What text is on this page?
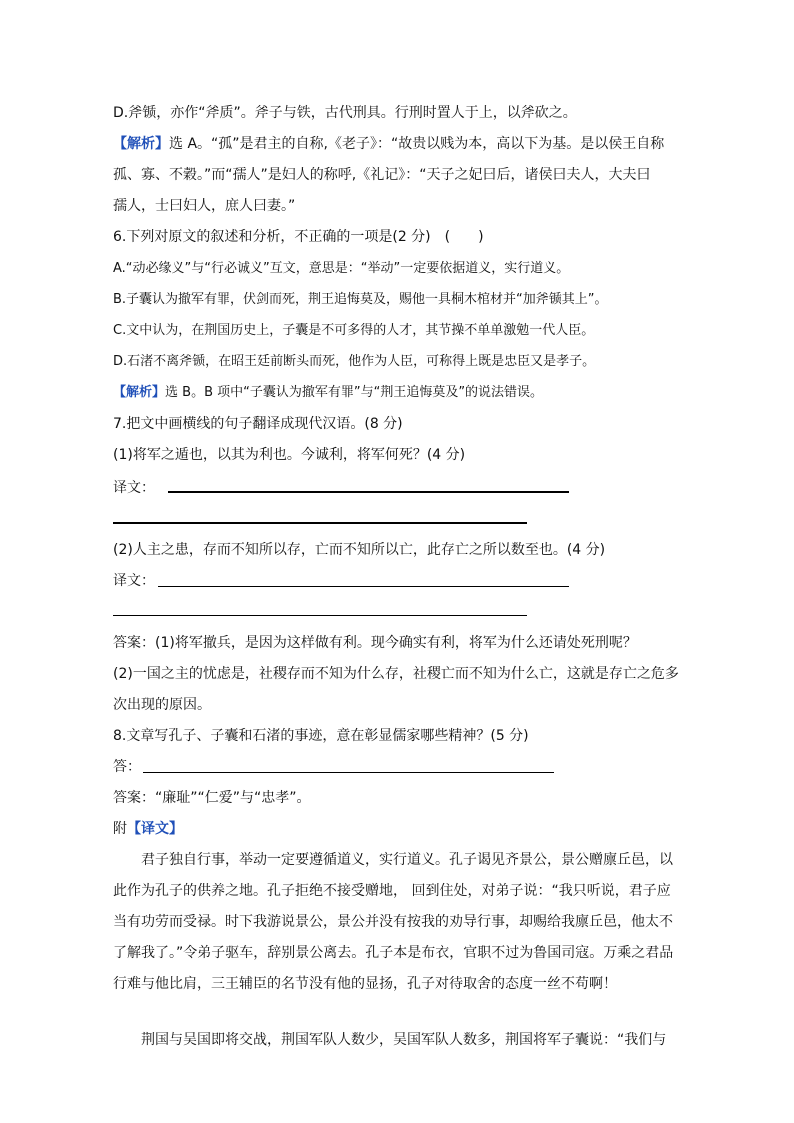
D.斧锧，亦作“斧质”。斧子与铁，古代刑具。行刑时置人于上，以斧砍之。
【解析】选 A。“孤”是君主的自称,《老子》：“故贵以贱为本，高以下为基。是以侯王自称
孤、寡、不穀。”而“孺人”是妇人的称呼,《礼记》：“天子之妃曰后，诸侯曰夫人，大夫曰
孺人，士曰妇人，庶人曰妻。”
6.下列对原文的叙述和分析，不正确的一项是(2 分)　(　　)
A.“动必缘义”与“行必诚义”互文，意思是：“举动”一定要依据道义，实行道义。
B.子囊认为撤军有罪，伏剑而死，荆王追悔莫及，赐他一具桐木棺材并“加斧锧其上”。
C.文中认为，在荆国历史上，子囊是不可多得的人才，其节操不单单激勉一代人臣。
D.石渚不离斧锧，在昭王廷前断头而死，他作为人臣，可称得上既是忠臣又是孝子。
【解析】选 B。B 项中“子囊认为撤军有罪”与“荆王追悔莫及”的说法错误。
7.把文中画横线的句子翻译成现代汉语。(8 分)
(1)将军之遁也，以其为利也。今诚利，将军何死？(4 分)
译文：
(2)人主之患，存而不知所以存，亡而不知所以亡，此存亡之所以数至也。(4 分)
译文：
答案：(1)将军撤兵，是因为这样做有利。现今确实有利，将军为什么还请处死刑呢？
(2)一国之主的忧虑是，社稷存而不知为什么存，社稷亡而不知为什么亡，这就是存亡之危多
次出现的原因。
8.文章写孔子、子囊和石渚的事迹，意在彰显儒家哪些精神？(5 分)
答：
答案：“廉耻”“仁爱”与“忠孝”。
附【译文】
君子独自行事，举动一定要遵循道义，实行道义。孔子谒见齐景公，景公赠廪丘邑，以
此作为孔子的供养之地。孔子拒绝不接受赠地， 回到住处，对弟子说：“我只听说，君子应
当有功劳而受禄。时下我游说景公，景公并没有按我的劝导行事，却赐给我廪丘邑，他太不
了解我了。”令弟子驱车，辞别景公离去。孔子本是布衣，官职不过为鲁国司寇。万乘之君品
行难与他比肩，三王辅臣的名节没有他的显扬，孔子对待取舍的态度一丝不苟啊！
荆国与吴国即将交战，荆国军队人数少，吴国军队人数多，荆国将军子囊说：“我们与
